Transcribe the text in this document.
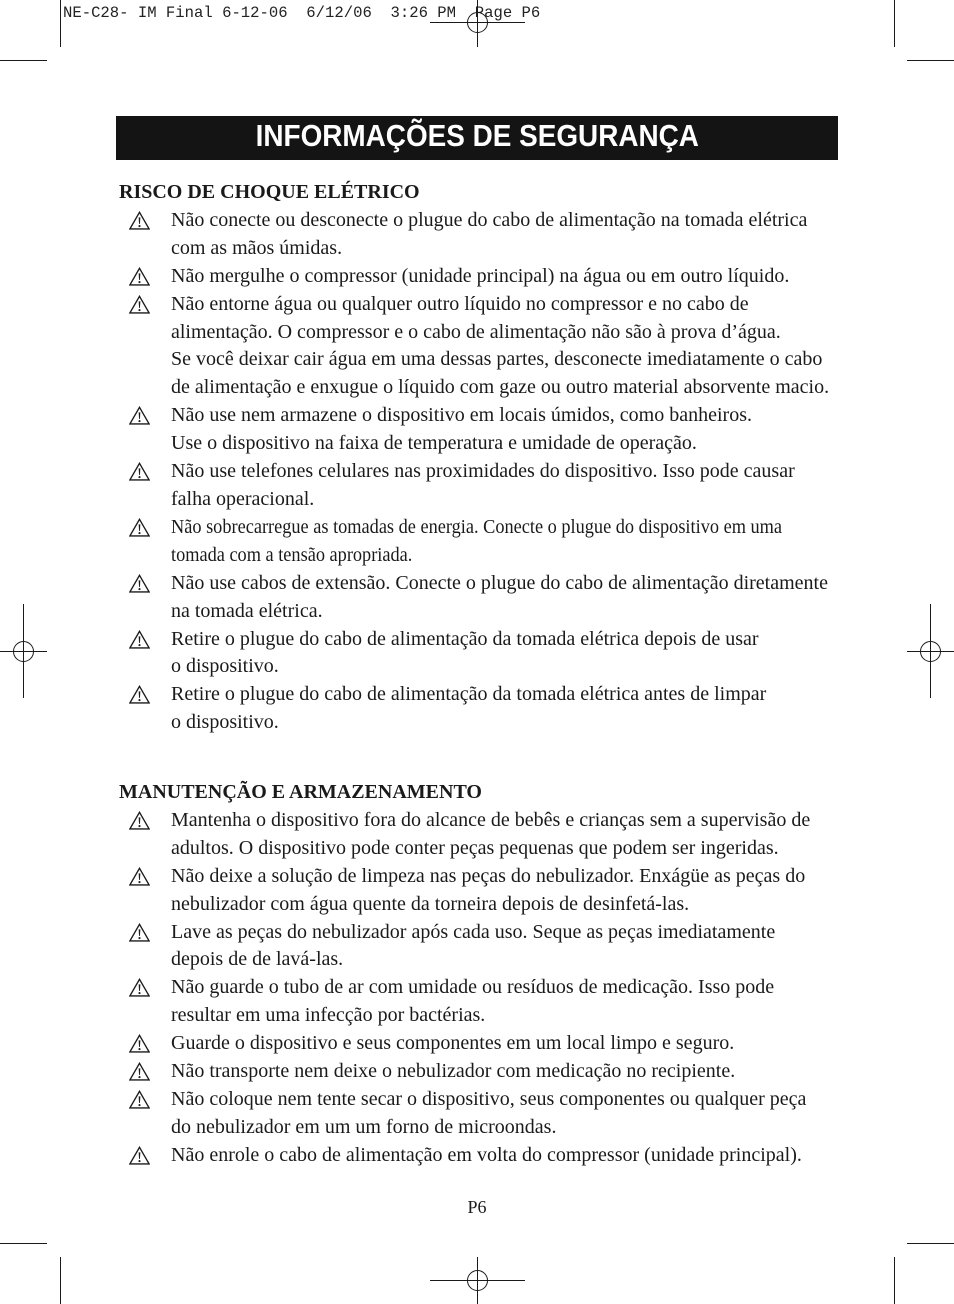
NE-C28- IM Final 6-12-06  6/12/06  3:26 PM  Page P6
INFORMAÇÕES DE SEGURANÇA
RISCO DE CHOQUE ELÉTRICO
Não conecte ou desconecte o plugue do cabo de alimentação na tomada elétrica
com as mãos úmidas.
Não mergulhe o compressor (unidade principal) na água ou em outro líquido.
Não entorne água ou qualquer outro líquido no compressor e no cabo de
alimentação. O compressor e o cabo de alimentação não são à prova d’água.
Se você deixar cair água em uma dessas partes, desconecte imediatamente o cabo
de alimentação e enxugue o líquido com gaze ou outro material absorvente macio.
Não use nem armazene o dispositivo em locais úmidos, como banheiros.
Use o dispositivo na faixa de temperatura e umidade de operação.
Não use telefones celulares nas proximidades do dispositivo. Isso pode causar
falha operacional.
Não sobrecarregue as tomadas de energia. Conecte o plugue do dispositivo em uma
tomada com a tensão apropriada.
Não use cabos de extensão. Conecte o plugue do cabo de alimentação diretamente
na tomada elétrica.
Retire o plugue do cabo de alimentação da tomada elétrica depois de usar
o dispositivo.
Retire o plugue do cabo de alimentação da tomada elétrica antes de limpar
o dispositivo.
MANUTENÇÃO E ARMAZENAMENTO
Mantenha o dispositivo fora do alcance de bebês e crianças sem a supervisão de
adultos. O dispositivo pode conter peças pequenas que podem ser ingeridas.
Não deixe a solução de limpeza nas peças do nebulizador. Enxágüe as peças do
nebulizador com água quente da torneira depois de desinfetá-las.
Lave as peças do nebulizador após cada uso. Seque as peças imediatamente
depois de de lavá-las.
Não guarde o tubo de ar com umidade ou resíduos de medicação. Isso pode
resultar em uma infecção por bactérias.
Guarde o dispositivo e seus componentes em um local limpo e seguro.
Não transporte nem deixe o nebulizador com medicação no recipiente.
Não coloque nem tente secar o dispositivo, seus componentes ou qualquer peça
do nebulizador em um um forno de microondas.
Não enrole o cabo de alimentação em volta do compressor (unidade principal).
P6
